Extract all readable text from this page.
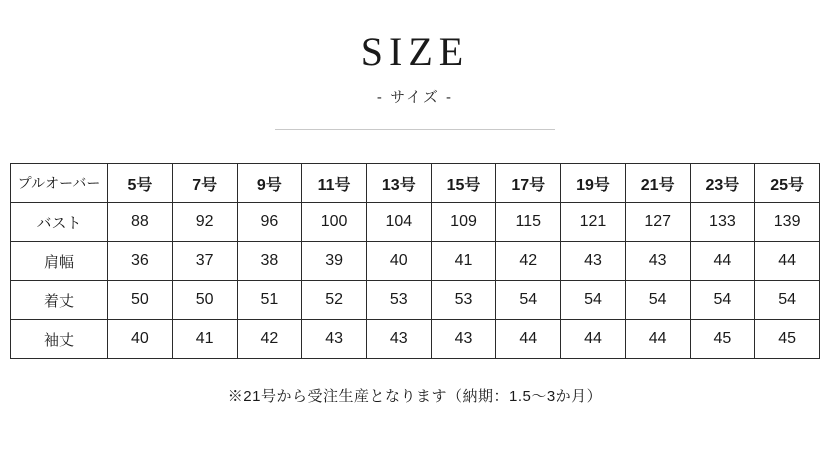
SIZE
- サイズ -
プルオーバー	5号	7号	9号	11号	13号	15号	17号	19号	21号	23号	25号
バスト	88	92	96	100	104	109	115	121	127	133	139
肩幅	36	37	38	39	40	41	42	43	43	44	44
着丈	50	50	51	52	53	53	54	54	54	54	54
袖丈	40	41	42	43	43	43	44	44	44	45	45
※21号から受注生産となります（納期：1.5〜3か月）
